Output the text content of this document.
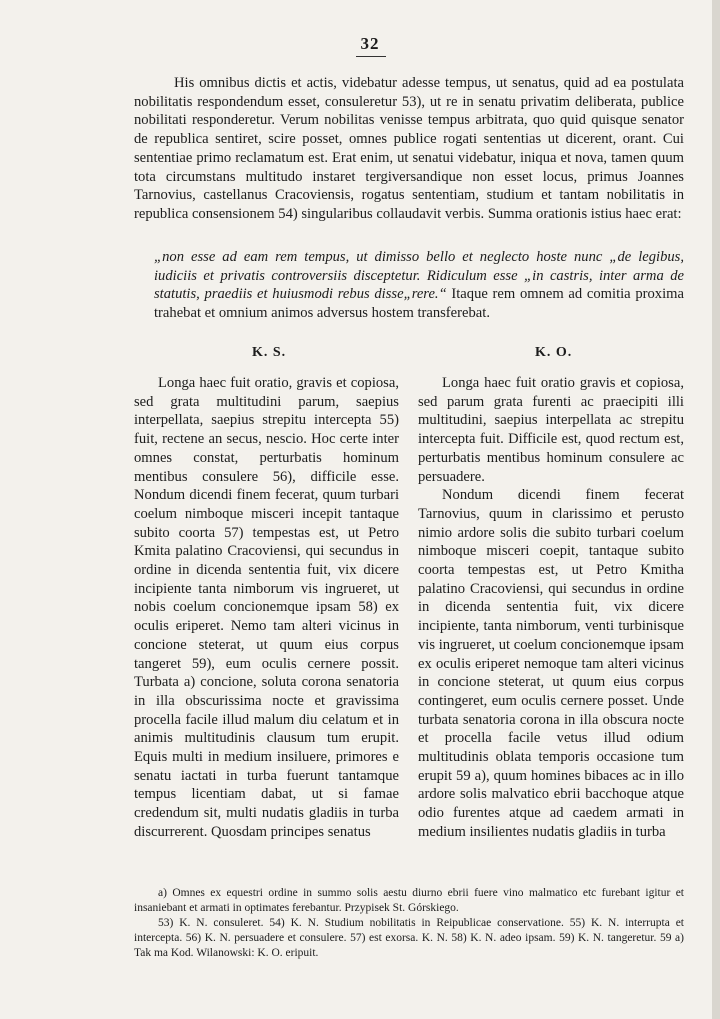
32

His omnibus dictis et actis, videbatur adesse tempus, ut senatus, quid ad ea postulata nobilitatis respondendum esset, consuleretur 53), ut re in senatu privatim deliberata, publice nobilitati responderetur. Verum nobilitas venisse tempus arbitrata, quo quid quisque senator de republica sentiret, scire posset, omnes publice rogati sententias ut dicerent, orant. Cui sententiae primo reclamatum est. Erat enim, ut senatui videbatur, iniqua et nova, tamen quum tota circumstans multitudo instaret tergiversandique non esset locus, primus Joannes Tarnovius, castellanus Cracoviensis, rogatus sententiam, studium et tantam nobilitatis in republica consensionem 54) singularibus collaudavit verbis. Summa orationis istius haec erat:

„non esse ad eam rem tempus, ut dimisso bello et neglecto hoste nunc „de legibus, iudiciis et privatis controversiis disceptetur. Ridiculum esse „in castris, inter arma de statutis, praediis et huiusmodi rebus disse„rere.“ Itaque rem omnem ad comitia proxima trahebat et omnium animos adversus hostem transferebat.

K. S.	K. O.

Longa haec fuit oratio, gravis et copiosa, sed grata multitudini parum, saepius interpellata, saepius strepitu intercepta 55) fuit, rectene an secus, nescio. Hoc certe inter omnes constat, perturbatis hominum mentibus consulere 56), difficile esse. Nondum dicendi finem fecerat, quum turbari coelum nimboque misceri incepit tantaque subito coorta 57) tempestas est, ut Petro Kmita palatino Cracoviensi, qui secundus in ordine in dicenda sententia fuit, vix dicere incipiente tanta nimborum vis ingrueret, ut nobis coelum concionemque ipsam 58) ex oculis eriperet. Nemo tam alteri vicinus in concione steterat, ut quum eius corpus tangeret 59), eum oculis cernere possit. Turbata a) concione, soluta corona senatoria in illa obscurissima nocte et gravissima procella facile illud malum diu celatum et in animis multitudinis clausum tum erupit. Equis multi in medium insiluere, primores e senatu iactati in turba fuerunt tantamque tempus licentiam dabat, ut si famae credendum sit, multi nudatis gladiis in turba discurrerent. Quosdam principes senatus

Longa haec fuit oratio gravis et copiosa, sed parum grata furenti ac praecipiti illi multitudini, saepius interpellata ac strepitu intercepta fuit. Difficile est, quod rectum est, perturbatis mentibus hominum consulere ac persuadere.

Nondum dicendi finem fecerat Tarnovius, quum in clarissimo et perusto nimio ardore solis die subito turbari coelum nimboque misceri coepit, tantaque subito coorta tempestas est, ut Petro Kmitha palatino Cracoviensi, qui secundus in ordine in dicenda sententia fuit, vix dicere incipiente, tanta nimborum, venti turbinisque vis ingrueret, ut coelum concionemque ipsam ex oculis eriperet nemoque tam alteri vicinus in concione steterat, ut quum eius corpus contingeret, eum oculis cernere posset. Unde turbata senatoria corona in illa obscura nocte et procella facile vetus illud odium multitudinis oblata temporis occasione tum erupit 59 a), quum homines bibaces ac in illo ardore solis malvatico ebrii bacchoque atque odio furentes atque ad caedem armati in medium insilientes nudatis gladiis in turba

a) Omnes ex equestri ordine in summo solis aestu diurno ebrii fuere vino malmatico etc furebant igitur et insaniebant et armati in optimates ferebantur. Przypisek St. Górskiego.

53) K. N. consuleret. 54) K. N. Studium nobilitatis in Reipublicae conservatione. 55) K. N. interrupta et intercepta. 56) K. N. persuadere et consulere. 57) est exorsa. K. N. 58) K. N. adeo ipsam. 59) K. N. tangeretur. 59 a) Tak ma Kod. Wilanowski: K. O. eripuit.
